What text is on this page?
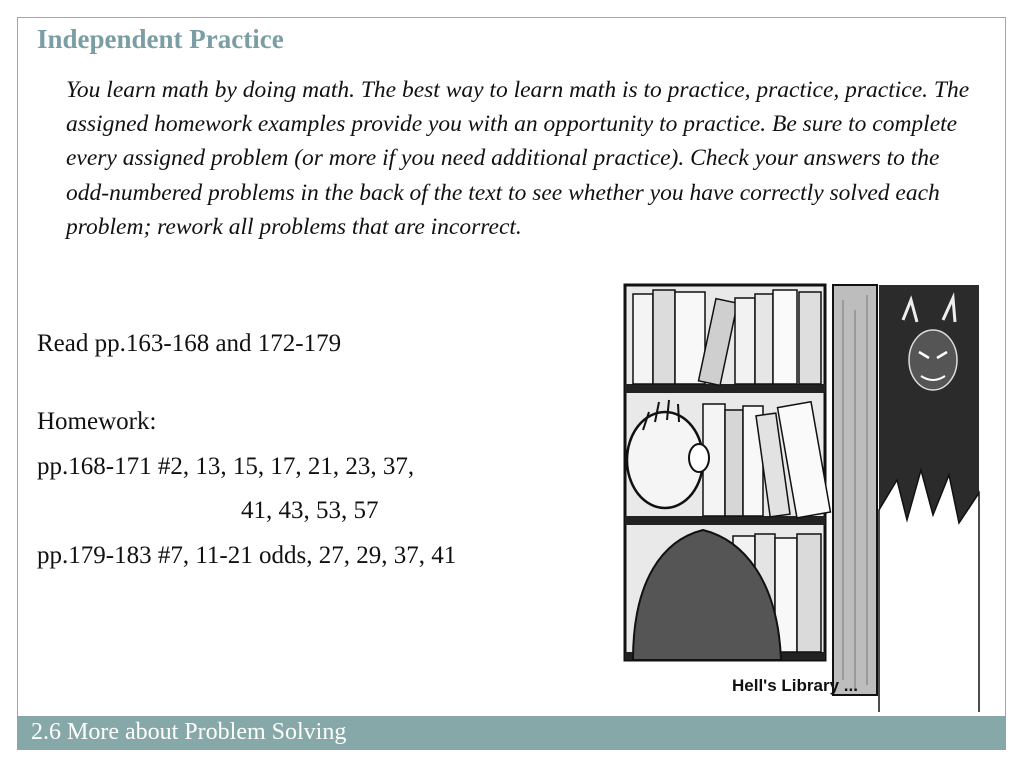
Independent Practice

You learn math by doing math. The best way to learn math is to practice, practice, practice. The assigned homework examples provide you with an opportunity to practice. Be sure to complete every assigned problem (or more if you need additional practice). Check your answers to the odd-numbered problems in the back of the text to see whether you have correctly solved each problem; rework all problems that are incorrect.

Read pp.163-168 and 172-179

Homework:

pp.168-171 #2, 13, 15, 17, 21, 23, 37,

41, 43, 53, 57

pp.179-183 #7, 11-21 odds, 27, 29, 37, 41

Hell's Library ...
2.6 More about Problem Solving
